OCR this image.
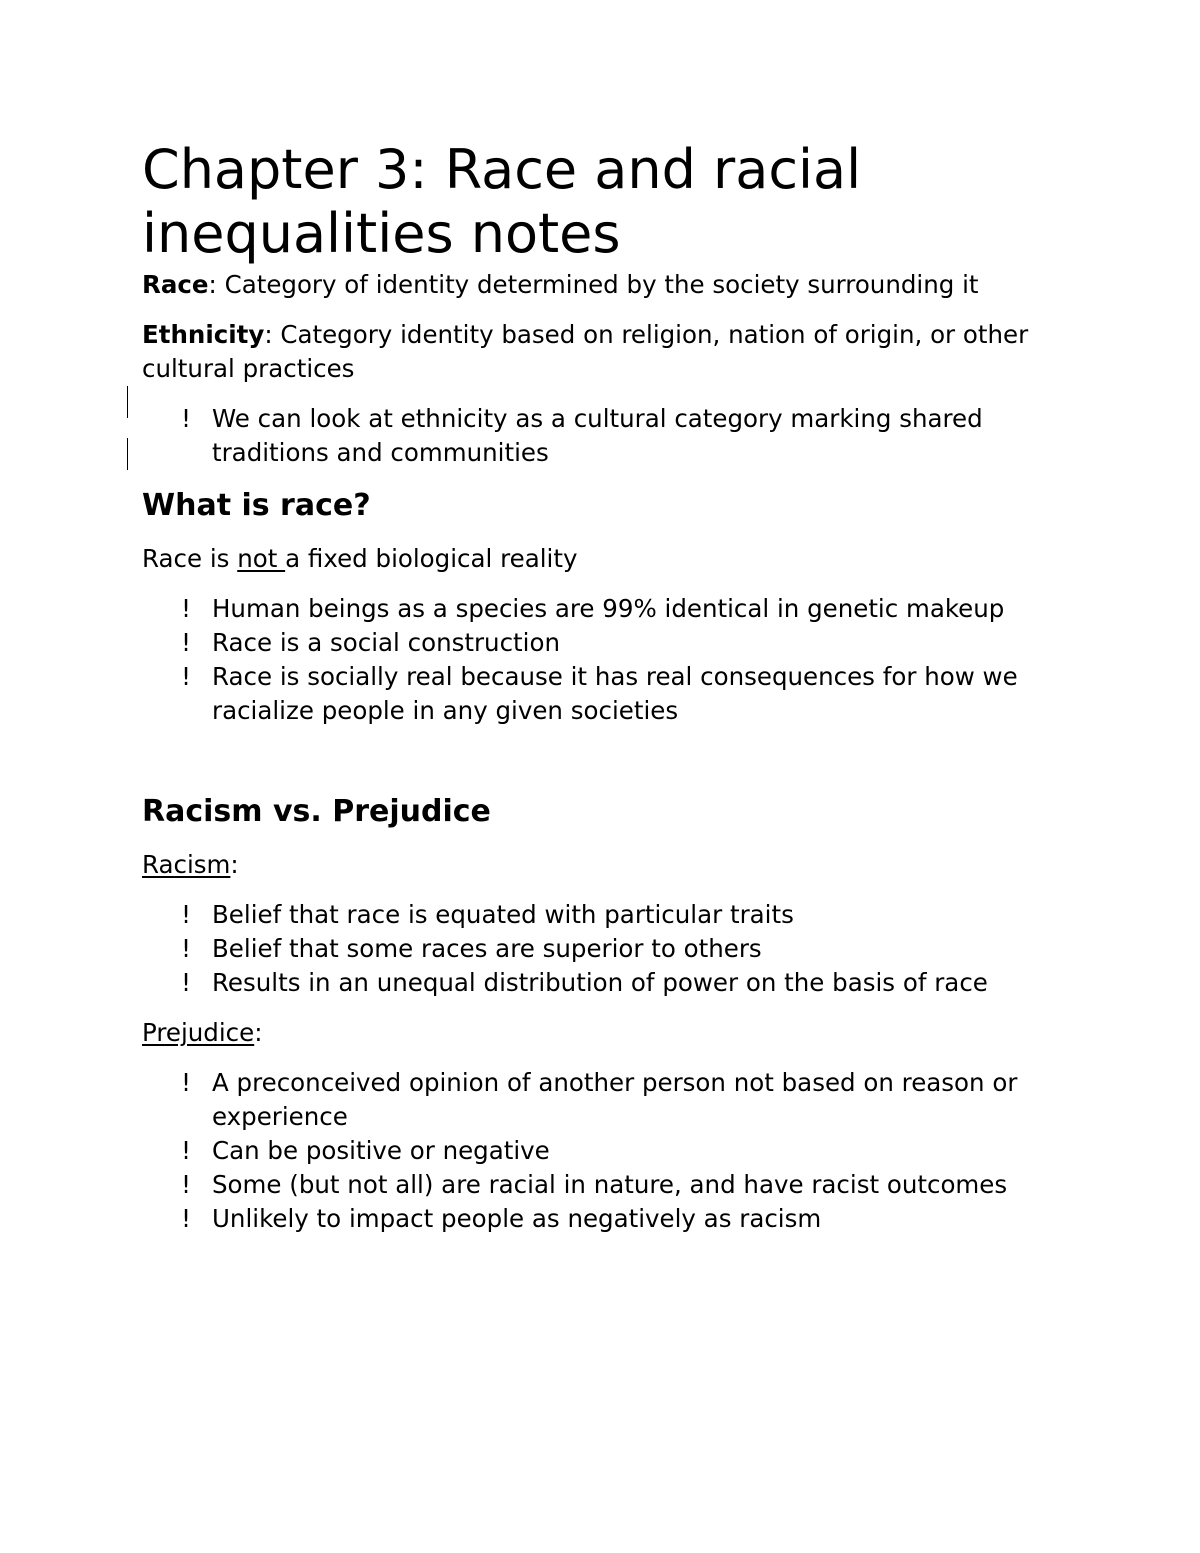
Chapter 3: Race and racial inequalities notes

Race: Category of identity determined by the society surrounding it

Ethnicity: Category identity based on religion, nation of origin, or other cultural practices

! We can look at ethnicity as a cultural category marking shared traditions and communities
What is race?

Race is not a fixed biological reality

! Human beings as a species are 99% identical in genetic makeup
! Race is a social construction
! Race is socially real because it has real consequences for how we racialize people in any given societies
Racism vs. Prejudice

Racism:

! Belief that race is equated with particular traits
! Belief that some races are superior to others
! Results in an unequal distribution of power on the basis of race

Prejudice:

! A preconceived opinion of another person not based on reason or experience
! Can be positive or negative
! Some (but not all) are racial in nature, and have racist outcomes
! Unlikely to impact people as negatively as racism
